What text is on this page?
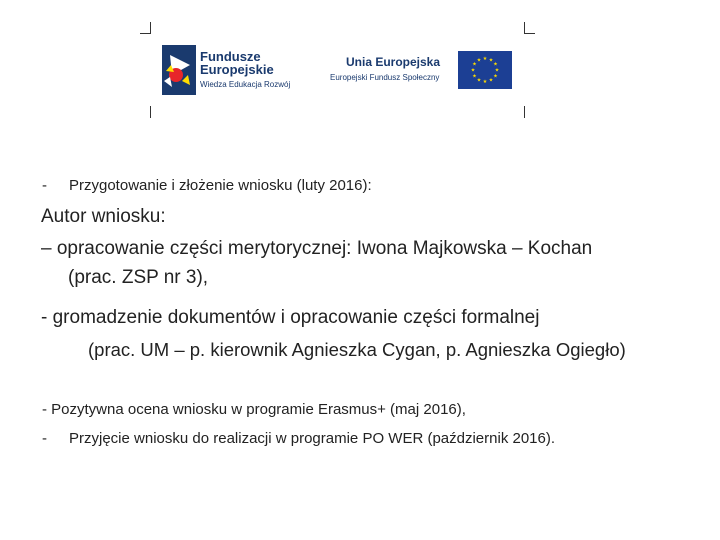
Fundusze
Europejskie
Wiedza Edukacja Rozwój
Unia Europejska
Europejski Fundusz Społeczny
★ ★
★
★
★
★
★
★
★
★
★
★
- Przygotowanie i złożenie wniosku (luty 2016):
Autor wniosku:
– opracowanie części merytorycznej: Iwona Majkowska – Kochan
(prac. ZSP nr 3),
- gromadzenie dokumentów i opracowanie części formalnej
(prac. UM – p. kierownik Agnieszka Cygan, p. Agnieszka Ogiegło)
- Pozytywna ocena wniosku w programie Erasmus+ (maj 2016),
- Przyjęcie wniosku do realizacji w programie PO WER (październik 2016).
